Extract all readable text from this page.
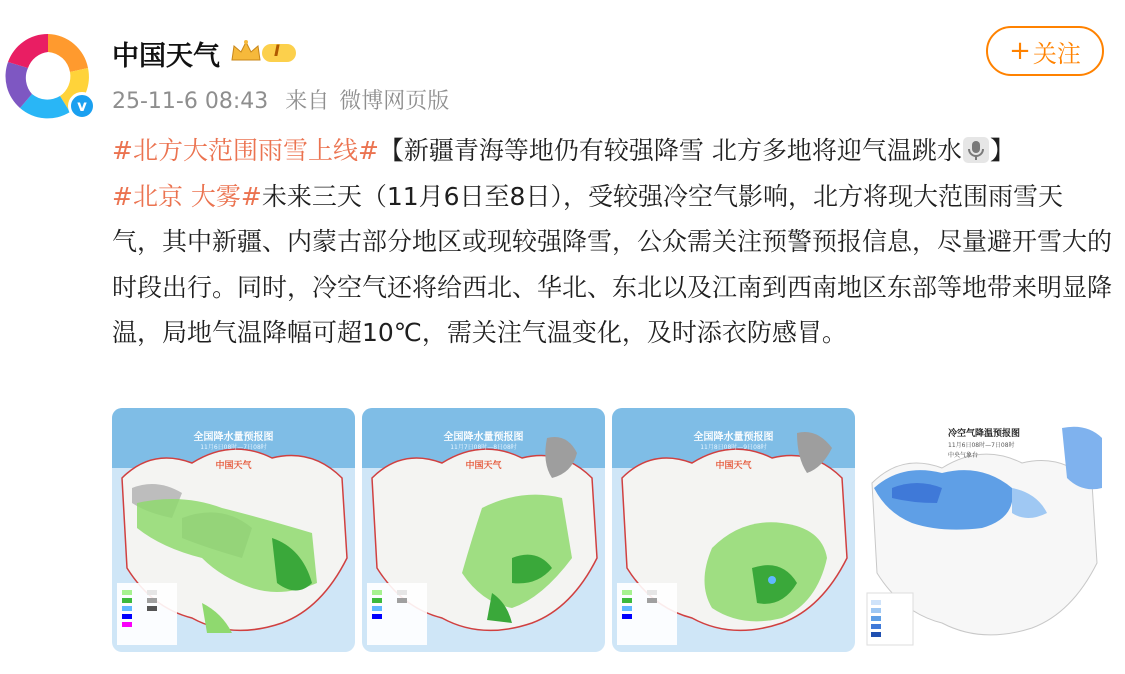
v
中国天气	I
25-11-6 08:43 来自 微博网页版
+ 关注
#北方大范围雨雪上线#【新疆青海等地仍有较强降雪 北方多地将迎气温跳水 】
#北京 大雾#未来三天（11月6日至8日），受较强冷空气影响，北方将现大范围雨雪天气，其中新疆、内蒙古部分地区或现较强降雪，公众需关注预警预报信息，尽量避开雪大的时段出行。同时，冷空气还将给西北、华北、东北以及江南到西南地区东部等地带来明显降温，局地气温降幅可超10℃，需关注气温变化，及时添衣防感冒。
全国降水量预报图
11月6日08时—7日08时
中国天气
全国降水量预报图
11月7日08时—8日08时
中国天气
全国降水量预报图
11月8日08时—9日08时
中国天气
冷空气降温预报图
11月6日08时—7日08时
中央气象台
